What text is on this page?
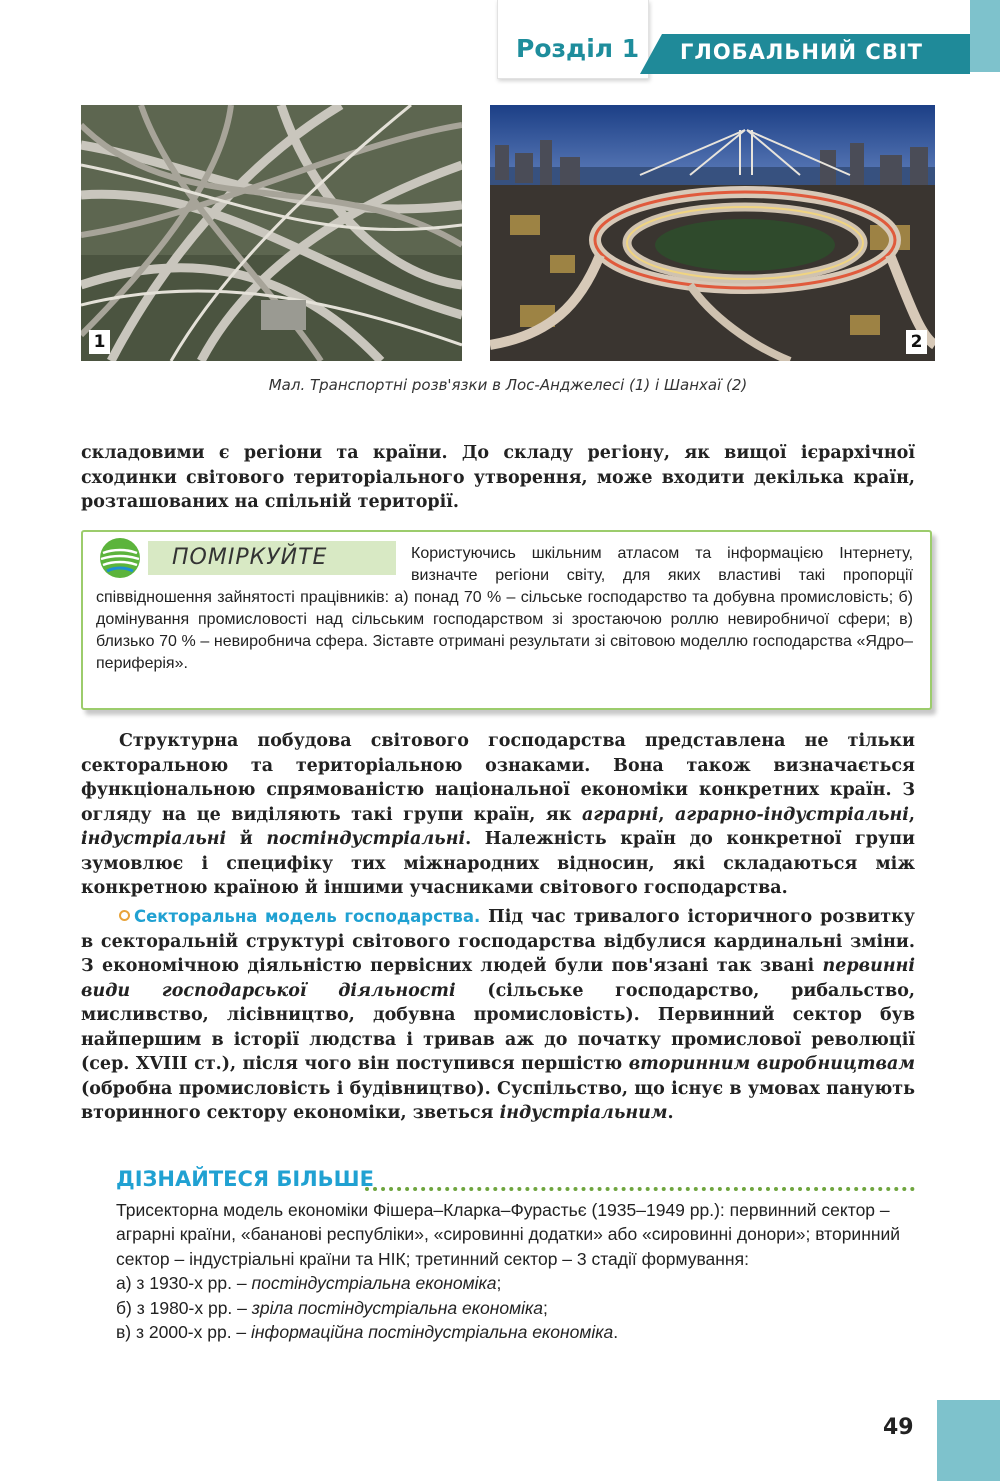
Розділ 1 ГЛОБАЛЬНИЙ СВІТ
1	2
Мал. Транспортні розв'язки в Лос-Анджелесі (1) і Шанхаї (2)

складовими є регіони та країни. До складу регіону, як вищої ієрархічної сходинки світового територіального утворення, може входити декілька країн, розташованих на спільній території.

ПОМІРКУЙТЕ	Користуючись шкільним атласом та інформацією Інтернету, визначте регіони світу, для яких властиві такі пропорції співвідношення зайнятості працівників: а) понад 70 % – сільське господарство та добувна промисловість; б) домінування промисловості над сільським господарством зі зростаючою роллю невиробничої сфери; в) близько 70 % – невиробнича сфера. Зіставте отримані результати зі світовою моделлю господарства «Ядро–периферія».

Структурна побудова світового господарства представлена не тільки секторальною та територіальною ознаками. Вона також визначається функціональною спрямованістю національної економіки конкретних країн. З огляду на це виділяють такі групи країн, як аграрні, аграрно-індустріальні, індустріальні й постіндустріальні. Належність країн до конкретної групи зумовлює і специфіку тих міжнародних відносин, які складаються між конкретною країною й іншими учасниками світового господарства.

Секторальна модель господарства. Під час тривалого історичного розвитку в секторальній структурі світового господарства відбулися кардинальні зміни. З економічною діяльністю первісних людей були пов'язані так звані первинні види господарської діяльності (сільське господарство, рибальство, мисливство, лісівництво, добувна промисловість). Первинний сектор був найпершим в історії людства і тривав аж до початку промислової революції (сер. XVIII ст.), після чого він поступився першістю вторинним виробництвам (обробна промисловість і будівництво). Суспільство, що існує в умовах панують вторинного сектору економіки, зветься індустріальним.

ДІЗНАЙТЕСЯ БІЛЬШЕ

Трисекторна модель економіки Фішера–Кларка–Фурастьє (1935–1949 рр.): первинний сектор – аграрні країни, «бананові республіки», «сировинні додатки» або «сировинні донори»; вторинний сектор – індустріальні країни та НІК; третинний сектор – 3 стадії формування:

а) з 1930-х рр. – постіндустріальна економіка;

б) з 1980-х рр. – зріла постіндустріальна економіка;

в) з 2000-х рр. – інформаційна постіндустріальна економіка.

49
